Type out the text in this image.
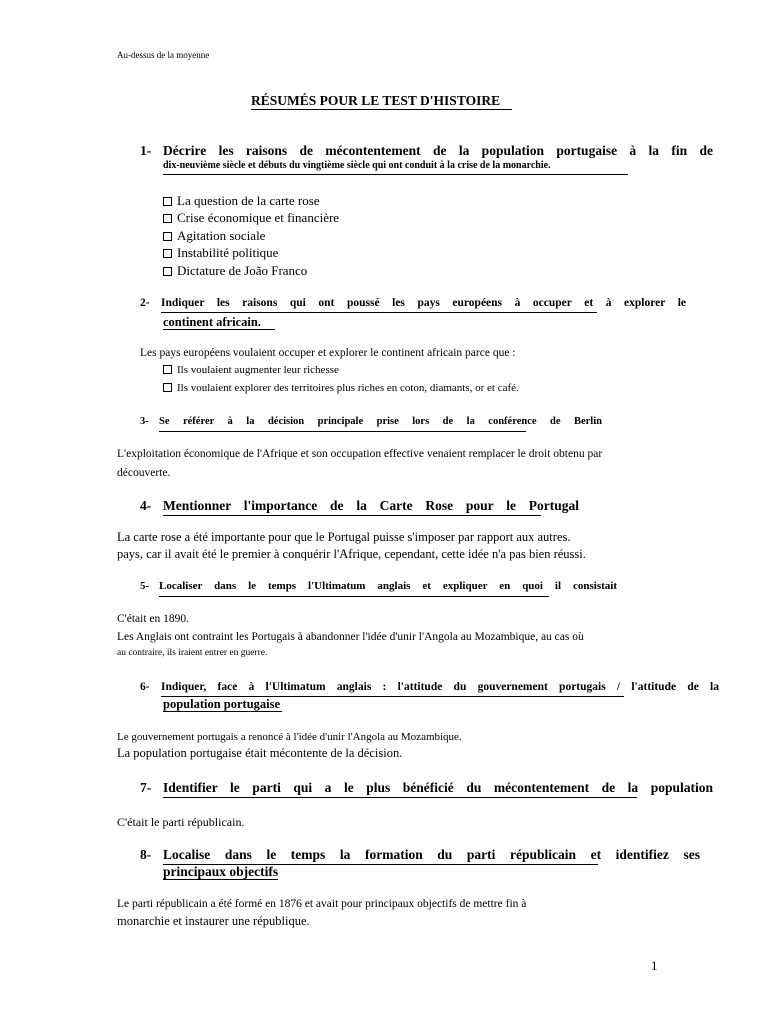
Au-dessus de la moyenne
RÉSUMÉS POUR LE TEST D'HISTOIRE
1- Décrire les raisons de mécontentement de la population portugaise à la fin de
dix-neuvième siècle et débuts du vingtième siècle qui ont conduit à la crise de la monarchie.
La question de la carte rose
Crise économique et financière
Agitation sociale
Instabilité politique
Dictature de João Franco
2- Indiquer les raisons qui ont poussé les pays européens à occuper et à explorer le
continent africain.
Les pays européens voulaient occuper et explorer le continent africain parce que :
Ils voulaient augmenter leur richesse
Ils voulaient explorer des territoires plus riches en coton, diamants, or et café.
3- Se référer à la décision principale prise lors de la conférence de Berlin
L'exploitation économique de l'Afrique et son occupation effective venaient remplacer le droit obtenu par
découverte.
4- Mentionner l'importance de la Carte Rose pour le Portugal
La carte rose a été importante pour que le Portugal puisse s'imposer par rapport aux autres.
pays, car il avait été le premier à conquérir l'Afrique, cependant, cette idée n'a pas bien réussi.
5- Localiser dans le temps l'Ultimatum anglais et expliquer en quoi il consistait
C'était en 1890.
Les Anglais ont contraint les Portugais à abandonner l'idée d'unir l'Angola au Mozambique, au cas où
au contraire, ils iraient entrer en guerre.
6- Indiquer, face à l'Ultimatum anglais : l'attitude du gouvernement portugais / l'attitude de la
population portugaise
Le gouvernement portugais a renoncé à l'idée d'unir l'Angola au Mozambique.
La population portugaise était mécontente de la décision.
7- Identifier le parti qui a le plus bénéficié du mécontentement de la population
C'était le parti républicain.
8- Localise dans le temps la formation du parti républicain et identifiez ses
principaux objectifs
Le parti républicain a été formé en 1876 et avait pour principaux objectifs de mettre fin à
monarchie et instaurer une république.
1
